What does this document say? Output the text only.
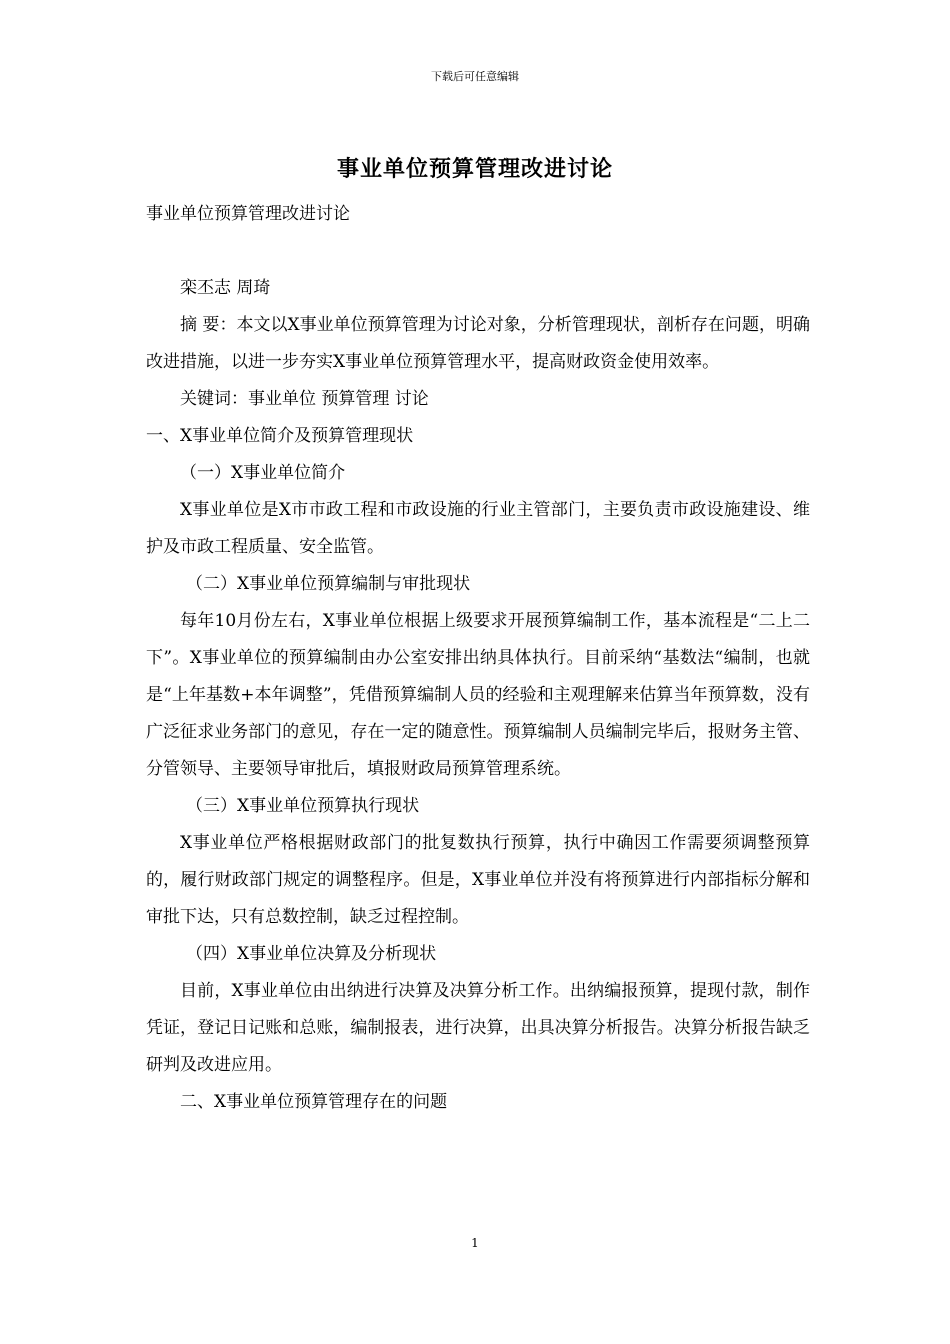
下载后可任意编辑
事业单位预算管理改进讨论

事业单位预算管理改进讨论

栾丕志 周琦

摘 要：本文以X事业单位预算管理为讨论对象，分析管理现状，剖析存在问题，明确改进措施，以进一步夯实X事业单位预算管理水平，提高财政资金使用效率。

关键词：事业单位 预算管理 讨论

一、X事业单位简介及预算管理现状

（一）X事业单位简介

X事业单位是X市市政工程和市政设施的行业主管部门，主要负责市政设施建设、维护及市政工程质量、安全监管。

（二）X事业单位预算编制与审批现状

每年10月份左右，X事业单位根据上级要求开展预算编制工作，基本流程是“二上二下”。X事业单位的预算编制由办公室安排出纳具体执行。目前采纳“基数法“编制，也就是“上年基数+本年调整”，凭借预算编制人员的经验和主观理解来估算当年预算数，没有广泛征求业务部门的意见，存在一定的随意性。预算编制人员编制完毕后，报财务主管、分管领导、主要领导审批后，填报财政局预算管理系统。

（三）X事业单位预算执行现状

X事业单位严格根据财政部门的批复数执行预算，执行中确因工作需要须调整预算的，履行财政部门规定的调整程序。但是，X事业单位并没有将预算进行内部指标分解和审批下达，只有总数控制，缺乏过程控制。

（四）X事业单位决算及分析现状

目前，X事业单位由出纳进行决算及决算分析工作。出纳编报预算，提现付款，制作凭证，登记日记账和总账，编制报表，进行决算，出具决算分析报告。决算分析报告缺乏研判及改进应用。

二、X事业单位预算管理存在的问题

1
